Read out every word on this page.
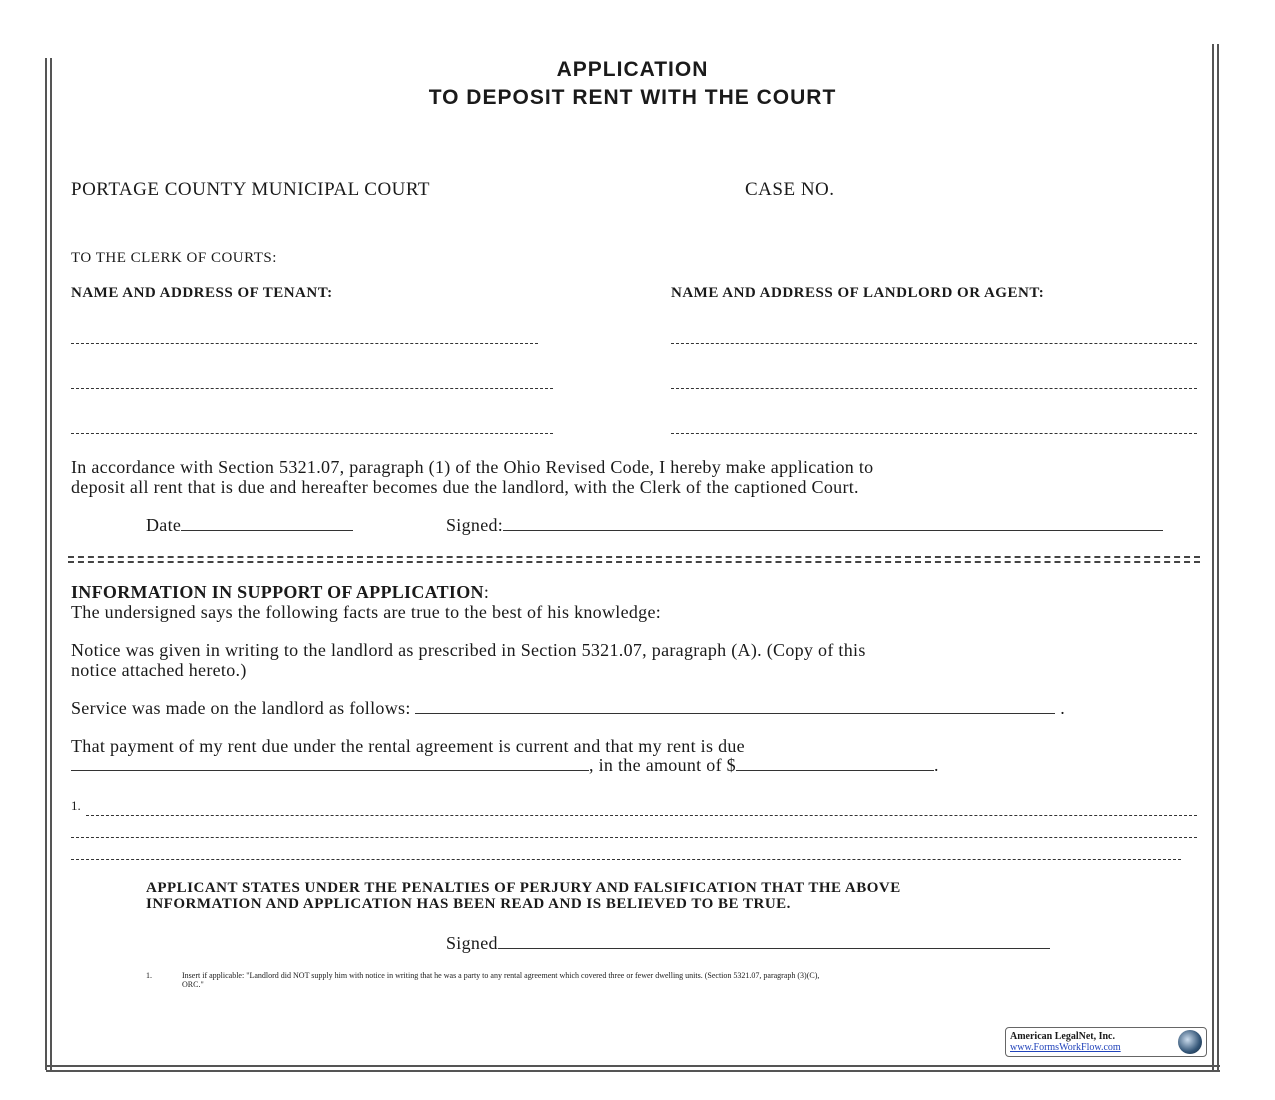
APPLICATION
TO DEPOSIT RENT WITH THE COURT
PORTAGE COUNTY MUNICIPAL COURT	CASE NO.
TO THE CLERK OF COURTS:
NAME AND ADDRESS OF TENANT:	NAME AND ADDRESS OF LANDLORD OR AGENT:
In accordance with Section 5321.07, paragraph (1) of the Ohio Revised Code, I hereby make application to
deposit all rent that is due and hereafter becomes due the landlord, with the Clerk of the captioned Court.
Date	Signed:
INFORMATION IN SUPPORT OF APPLICATION:
The undersigned says the following facts are true to the best of his knowledge:
Notice was given in writing to the landlord as prescribed in Section 5321.07, paragraph (A). (Copy of this
notice attached hereto.)
Service was made on the landlord as follows:	.
That payment of my rent due under the rental agreement is current and that my rent is due
, in the amount of $	.
1.
APPLICANT STATES UNDER THE PENALTIES OF PERJURY AND FALSIFICATION THAT THE ABOVE
INFORMATION AND APPLICATION HAS BEEN READ AND IS BELIEVED TO BE TRUE.
Signed
1.	Insert if applicable: "Landlord did NOT supply him with notice in writing that he was a party to any rental agreement which covered three or fewer dwelling units. (Section 5321.07, paragraph (3)(C),
ORC."
American LegalNet, Inc.
www.FormsWorkFlow.com
